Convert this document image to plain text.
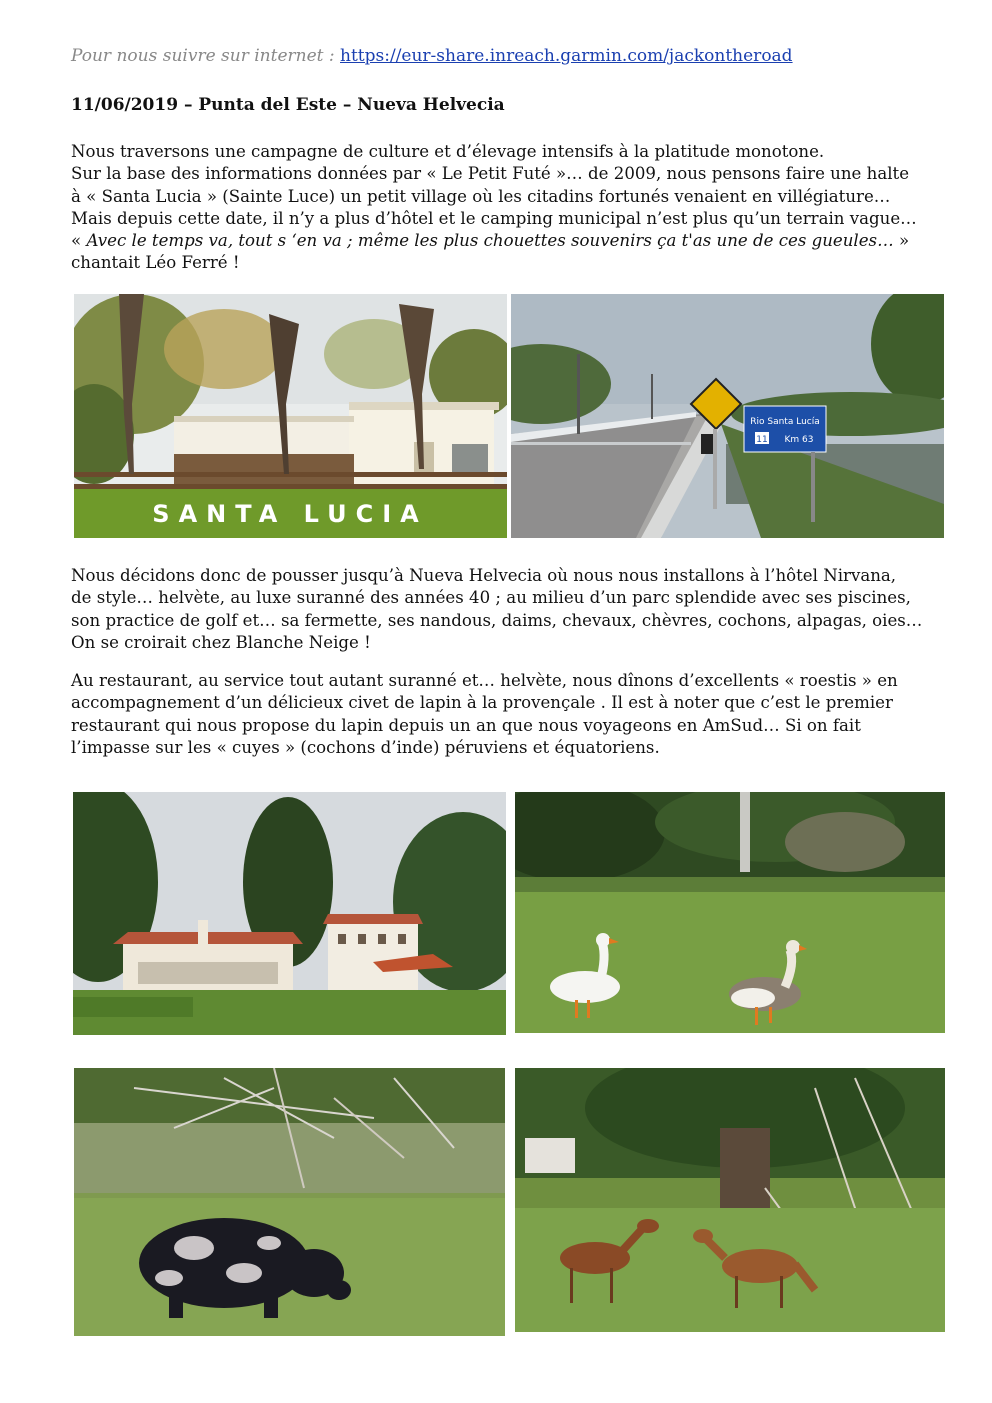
Pour nous suivre sur internet : https://eur-share.inreach.garmin.com/jackontheroad
11/06/2019 – Punta del Este – Nueva Helvecia
Nous traversons une campagne de culture et d’élevage intensifs à la platitude monotone.
Sur la base des informations données par « Le Petit Futé »… de 2009, nous pensons faire une halte
à « Santa Lucia » (Sainte Luce) un petit village où les citadins fortunés venaient en villégiature…
Mais depuis cette date, il n’y a plus d’hôtel et le camping municipal n’est plus qu’un terrain vague…
« Avec le temps va, tout s ‘en va ; même les plus chouettes souvenirs ça t'as une de ces gueules… »
chantait Léo Ferré !
SANTA LUCIA
Rio Santa Lucía
11 Km 63
Nous décidons donc de pousser jusqu’à Nueva Helvecia où nous nous installons à l’hôtel Nirvana,
de style… helvète, au luxe suranné des années 40 ; au milieu d’un parc splendide avec ses piscines,
son practice de golf et… sa fermette, ses nandous, daims, chevaux, chèvres, cochons, alpagas, oies…
On se croirait chez Blanche Neige !
Au restaurant, au service tout autant suranné et… helvète, nous dînons d’excellents « roestis » en
accompagnement d’un délicieux civet de lapin à la provençale . Il est à noter que c’est le premier
restaurant qui nous propose du lapin depuis un an que nous voyageons en AmSud… Si on fait
l’impasse sur les « cuyes » (cochons d’inde) péruviens et équatoriens.
